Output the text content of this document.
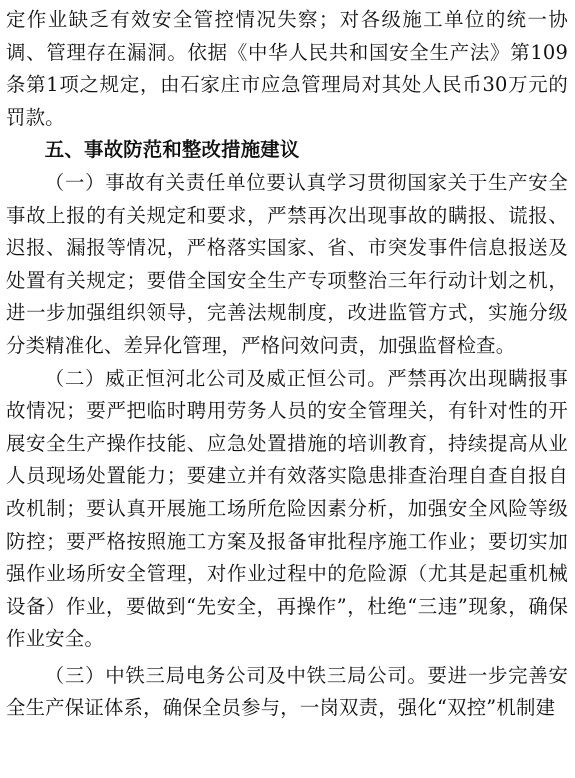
定作业缺乏有效安全管控情况失察；对各级施工单位的统一协调、管理存在漏洞。依据《中华人民共和国安全生产法》第109条第1项之规定，由石家庄市应急管理局对其处人民币30万元的罚款。

五、事故防范和整改措施建议

（一）事故有关责任单位要认真学习贯彻国家关于生产安全事故上报的有关规定和要求，严禁再次出现事故的瞒报、谎报、迟报、漏报等情况，严格落实国家、省、市突发事件信息报送及处置有关规定；要借全国安全生产专项整治三年行动计划之机，进一步加强组织领导，完善法规制度，改进监管方式，实施分级分类精准化、差异化管理，严格问效问责，加强监督检查。

（二）威正恒河北公司及威正恒公司。严禁再次出现瞒报事故情况；要严把临时聘用劳务人员的安全管理关，有针对性的开展安全生产操作技能、应急处置措施的培训教育，持续提高从业人员现场处置能力；要建立并有效落实隐患排查治理自查自报自改机制；要认真开展施工场所危险因素分析，加强安全风险等级防控；要严格按照施工方案及报备审批程序施工作业；要切实加强作业场所安全管理，对作业过程中的危险源（尤其是起重机械设备）作业，要做到“先安全，再操作”，杜绝“三违”现象，确保作业安全。

（三）中铁三局电务公司及中铁三局公司。要进一步完善安全生产保证体系，确保全员参与，一岗双责，强化“双控”机制建
